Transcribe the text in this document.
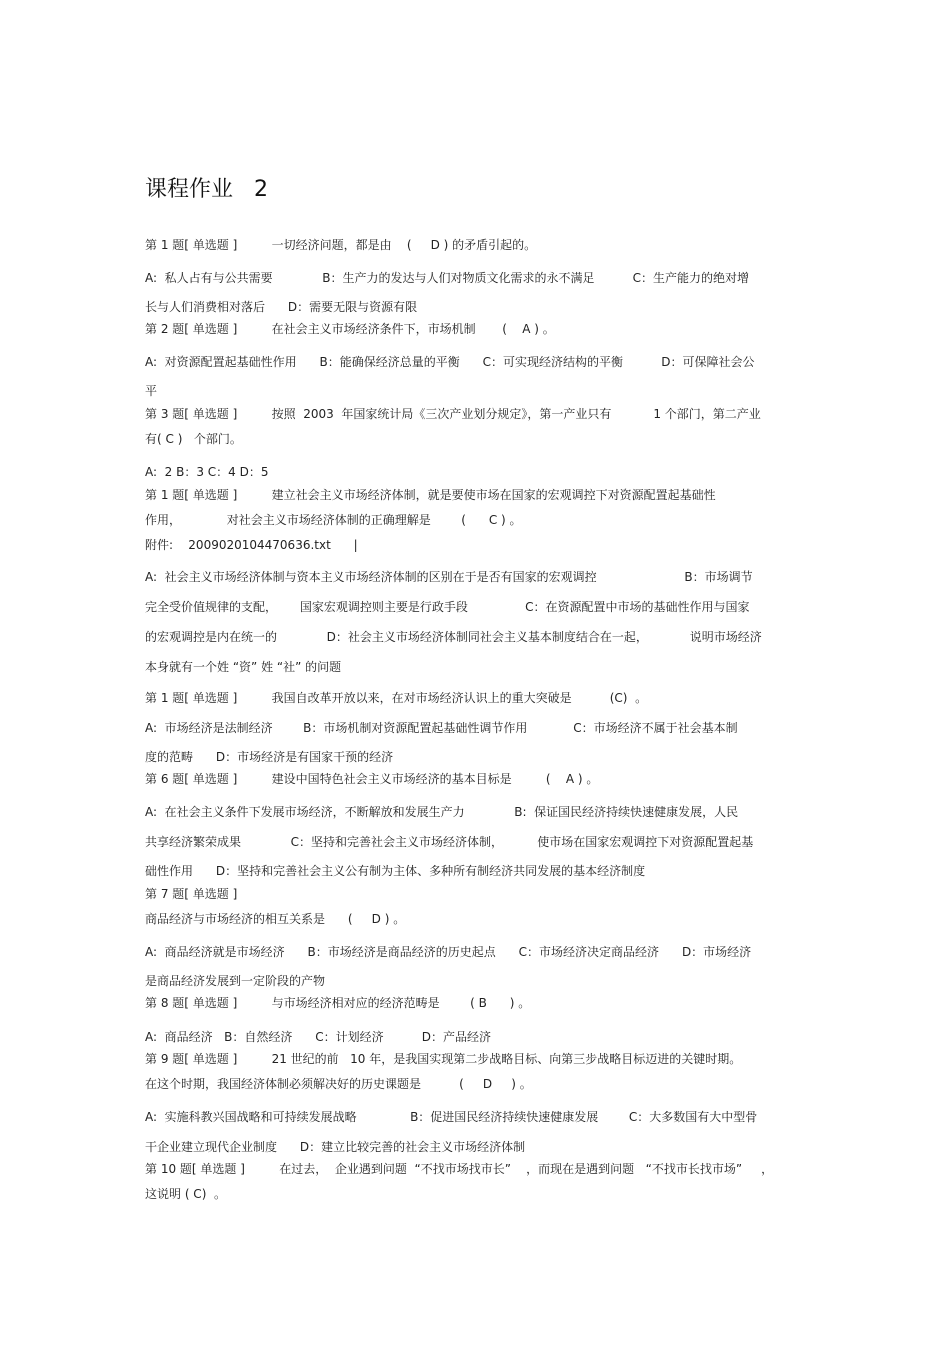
课程作业   2
第 1 题[ 单选题 ]         一切经济问题，都是由    (     D ) 的矛盾引起的。
A:  私人占有与公共需要             B：生产力的发达与人们对物质文化需求的永不满足          C：生产能力的绝对增
长与人们消费相对落后      D：需要无限与资源有限
第 2 题[ 单选题 ]         在社会主义市场经济条件下，市场机制       (    A ) 。
A:  对资源配置起基础性作用      B：能确保经济总量的平衡      C：可实现经济结构的平衡          D：可保障社会公
平
第 3 题[ 单选题 ]         按照  2003  年国家统计局《三次产业划分规定》，第一产业只有           1 个部门，第二产业
有( C )   个部门。
A:  2 B：3 C：4 D：5
第 1 题[ 单选题 ]         建立社会主义市场经济体制，就是要使市场在国家的宏观调控下对资源配置起基础性
作用，            对社会主义市场经济体制的正确理解是        (      C ) 。
附件:    2009020104470636.txt      |
A:  社会主义市场经济体制与资本主义市场经济体制的区别在于是否有国家的宏观调控                       B：市场调节
完全受价值规律的支配，      国家宏观调控则主要是行政手段               C：在资源配置中市场的基础性作用与国家
的宏观调控是内在统一的             D：社会主义市场经济体制同社会主义基本制度结合在一起，           说明市场经济
本身就有一个姓 “资” 姓 “社” 的问题
第 1 题[ 单选题 ]         我国自改革开放以来，在对市场经济认识上的重大突破是          (C)  。
A:  市场经济是法制经济        B：市场机制对资源配置起基础性调节作用            C：市场经济不属于社会基本制
度的范畴      D：市场经济是有国家干预的经济
第 6 题[ 单选题 ]         建设中国特色社会主义市场经济的基本目标是         (    A ) 。
A:  在社会主义条件下发展市场经济，不断解放和发展生产力             B:  保证国民经济持续快速健康发展，人民
共享经济繁荣成果             C：坚持和完善社会主义市场经济体制，         使市场在国家宏观调控下对资源配置起基
础性作用      D：坚持和完善社会主义公有制为主体、多种所有制经济共同发展的基本经济制度
第 7 题[ 单选题 ]
商品经济与市场经济的相互关系是      (     D ) 。
A:  商品经济就是市场经济      B：市场经济是商品经济的历史起点      C：市场经济决定商品经济      D：市场经济
是商品经济发展到一定阶段的产物
第 8 题[ 单选题 ]         与市场经济相对应的经济范畴是        ( B      ) 。
A:  商品经济   B：自然经济      C：计划经济          D：产品经济
第 9 题[ 单选题 ]         21 世纪的前   10 年，是我国实现第二步战略目标、向第三步战略目标迈进的关键时期。
在这个时期，我国经济体制必须解决好的历史课题是          (     D     ) 。
A:  实施科教兴国战略和可持续发展战略              B：促进国民经济持续快速健康发展        C：大多数国有大中型骨
干企业建立现代企业制度      D：建立比较完善的社会主义市场经济体制
第 10 题[ 单选题 ]         在过去，  企业遇到问题  “不找市场找市长”    ，而现在是遇到问题   “不找市长找市场”     ，
这说明 ( C)  。
